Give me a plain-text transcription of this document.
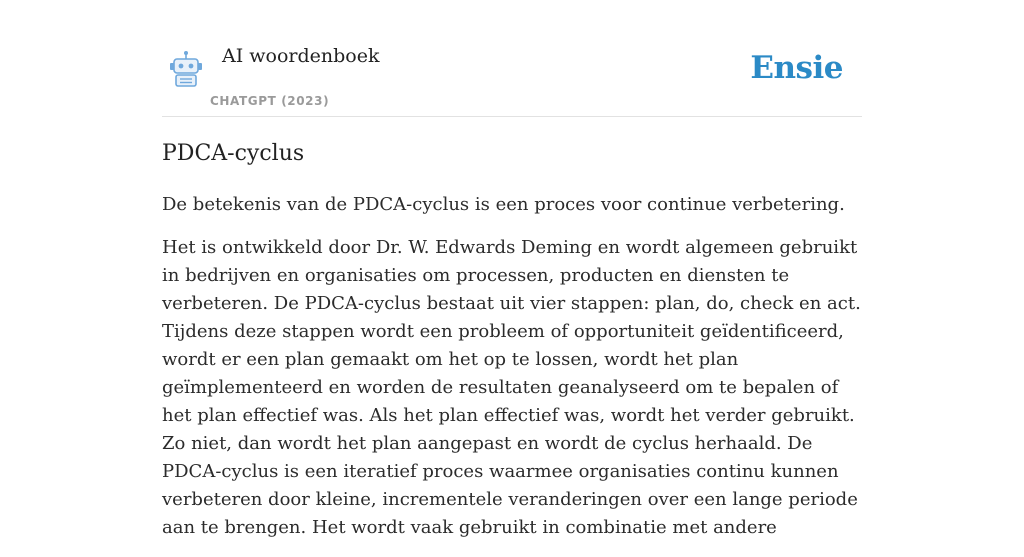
AI woordenboek
CHATGPT (2023)
Ensie
PDCA-cyclus

De betekenis van de PDCA-cyclus is een proces voor continue verbetering.

Het is ontwikkeld door Dr. W. Edwards Deming en wordt algemeen gebruikt in bedrijven en organisaties om processen, producten en diensten te verbeteren. De PDCA-cyclus bestaat uit vier stappen: plan, do, check en act. Tijdens deze stappen wordt een probleem of opportuniteit geïdentificeerd, wordt er een plan gemaakt om het op te lossen, wordt het plan geïmplementeerd en worden de resultaten geanalyseerd om te bepalen of het plan effectief was. Als het plan effectief was, wordt het verder gebruikt. Zo niet, dan wordt het plan aangepast en wordt de cyclus herhaald. De PDCA-cyclus is een iteratief proces waarmee organisaties continu kunnen verbeteren door kleine, incrementele veranderingen over een lange periode aan te brengen. Het wordt vaak gebruikt in combinatie met andere
